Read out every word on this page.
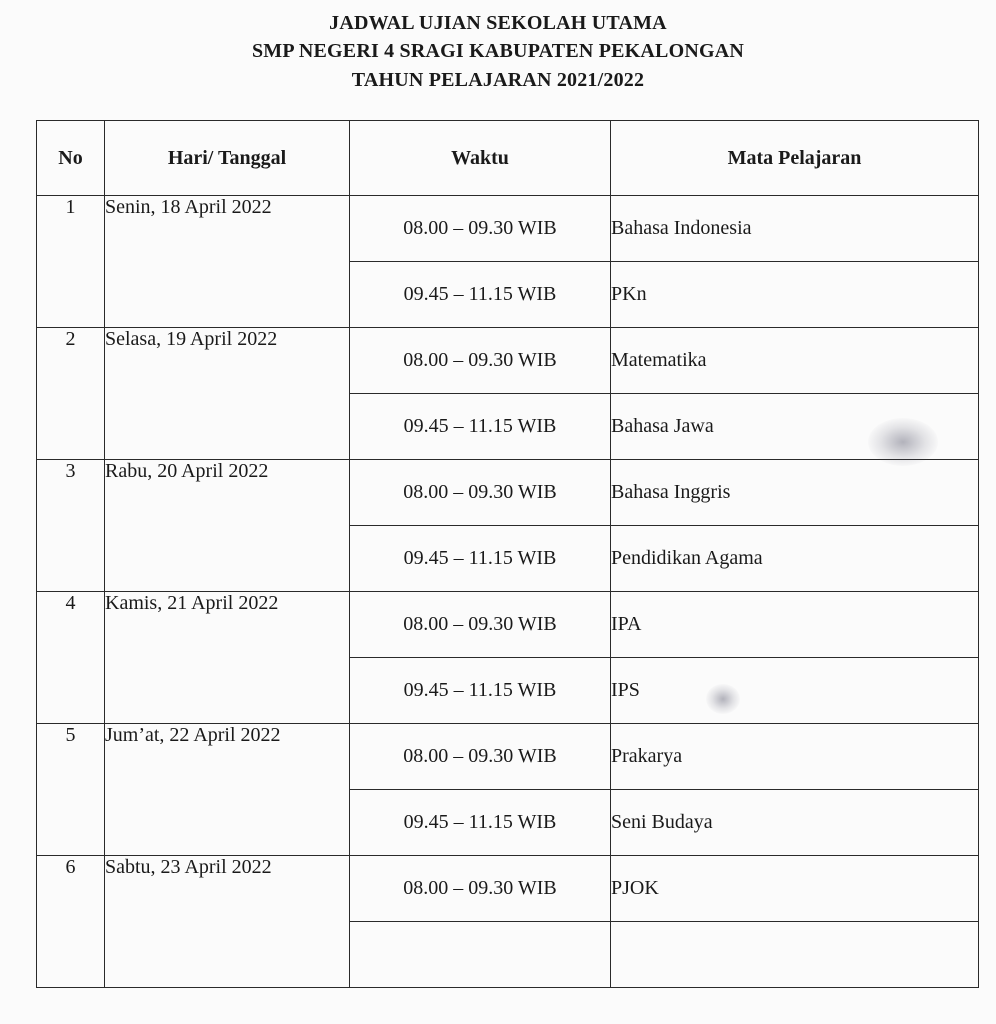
JADWAL UJIAN SEKOLAH UTAMA
SMP NEGERI 4 SRAGI KABUPATEN PEKALONGAN
TAHUN PELAJARAN 2021/2022
No	Hari/ Tanggal	Waktu	Mata Pelajaran
1	Senin, 18 April 2022	08.00 – 09.30 WIB	Bahasa Indonesia
		09.45 – 11.15 WIB	PKn
2	Selasa, 19 April 2022	08.00 – 09.30 WIB	Matematika
		09.45 – 11.15 WIB	Bahasa Jawa
3	Rabu, 20 April 2022	08.00 – 09.30 WIB	Bahasa Inggris
		09.45 – 11.15 WIB	Pendidikan Agama
4	Kamis, 21 April 2022	08.00 – 09.30 WIB	IPA
		09.45 – 11.15 WIB	IPS
5	Jum’at, 22 April 2022	08.00 – 09.30 WIB	Prakarya
		09.45 – 11.15 WIB	Seni Budaya
6	Sabtu, 23 April 2022	08.00 – 09.30 WIB	PJOK
